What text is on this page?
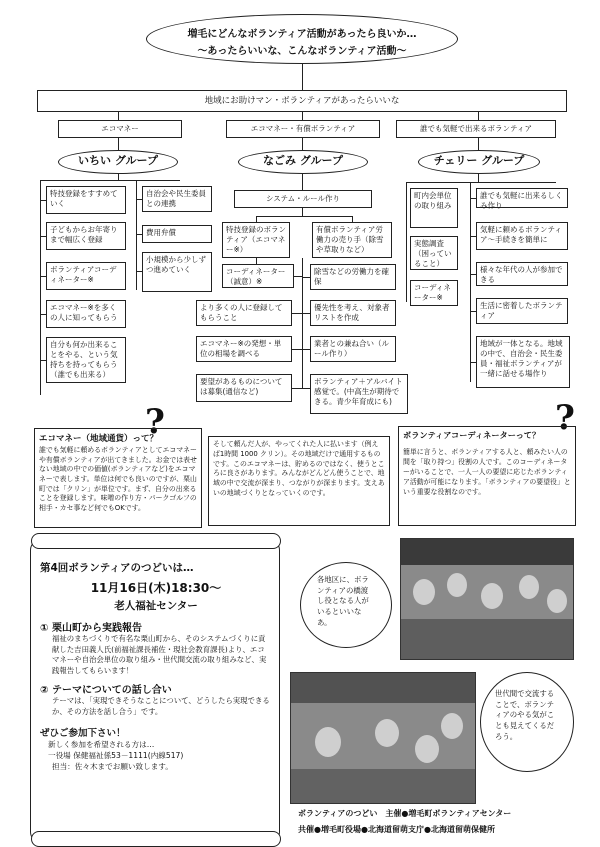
増毛にどんなボランティア活動があったら良いか…
～あったらいいな、こんなボランティア活動～
地域にお助けマン・ボランティアがあったらいいな
エコマネー	エコマネー・有償ボランティア	誰でも気軽で出来るボランティア
いちい グループ	なごみ グループ	チェリー グループ
特技登録をすすめていく
子どもからお年寄りまで幅広く登録
ボランティアコーディネーター※
エコマネー※を多くの人に知ってもらう
自分も何か出来ることをやる、という気持ちを持ってもらう（誰でも出来る）
自治会や民生委員との連携
費用弁償
小規模から少しずつ進めていく
システム・ルール作り
特技登録のボランティア（エコマネー※）
有償ボランティア労働力の売り手（除雪や草取りなど）
コーディネーター（誠意）※
除雪などの労働力を確保
優先性を考え、対象者リストを作成
業者との兼ね合い（ルール作り）
ボランティア＋アルバイト感覚で。(中高生が期待できる。青少年育成にも)
より多くの人に登録してもらうこと
エコマネー※の発想・単位の相場を調べる
要望があるものについては募集(通信など)
町内会単位の取り組み
実態調査（困っていること）
コーディネーター※
誰でも気軽に出来るしくみ作り
気軽に頼めるボランティア～手続きを簡単に
様々な年代の人が参加できる
生活に密着したボランティア
地域が一体となる。地域の中で、自治会・民生委員・福祉ボランティアが一緒に話せる場作り
?	?
エコマネー（地域通貨）って？
誰でも気軽に頼めるボランティアとしてエコマネーや有償ボランティアが出てきました。お金では表せない地域の中での価値(ボランティアなど)をエコマネーで表します。単位は何でも良いのですが、栗山町では「クリン」が単位です。まず、自分の出来ることを登録します。味噌の作り方・パークゴルフの相手・カセ事など何でもOKです。
そして頼んだ人が、やってくれた人に払います（例えば1時間 1000 クリン）。その地域だけで通用するものです。このエコマネーは、貯めるのではなく、使うところに良さがあります。みんながどんどん使うことで、地域の中で交流が深まり、つながりが深まります。支えあいの地域づくりとなっていくのです。
ボランティアコーディネーターって？
簡単に言うと、ボランティアする人と、頼みたい人の間を「取り持つ」役割の人です。このコーディネーターがいることで、一人一人の要望に応じたボランティア活動が可能になります。「ボランティアの要望役」という重要な役割なのです。
第4回ボランティアのつどいは…
11月16日(木)18:30～
老人福祉センター
① 栗山町から実践報告
福祉のまちづくりで有名な栗山町から、そのシステムづくりに貢献した吉田義人氏(前福祉課長補佐・現社会教育課長)より、エコマネーや自治会単位の取り組み・世代間交流の取り組みなど、実践報告してもらいます！
② テーマについての話し合い
テーマは、「実現できそうなことについて、どうしたら実現できるか、その方法を話し合う」です。
ぜひご参加下さい！
新しく参加を希望される方は…
一役場 保健福祉係53－1111(内線517)
担当：佐々木までお願い致します。
各地区に、ボランティアの橋渡し役となる人がいるといいなあ。
世代間で交流することで、ボランティアのやる気がことも見えてくるだろう。
ボランティアのつどい　主催●増毛町ボランティアセンター
共催●増毛町役場●北海道留萌支庁●北海道留萌保健所
